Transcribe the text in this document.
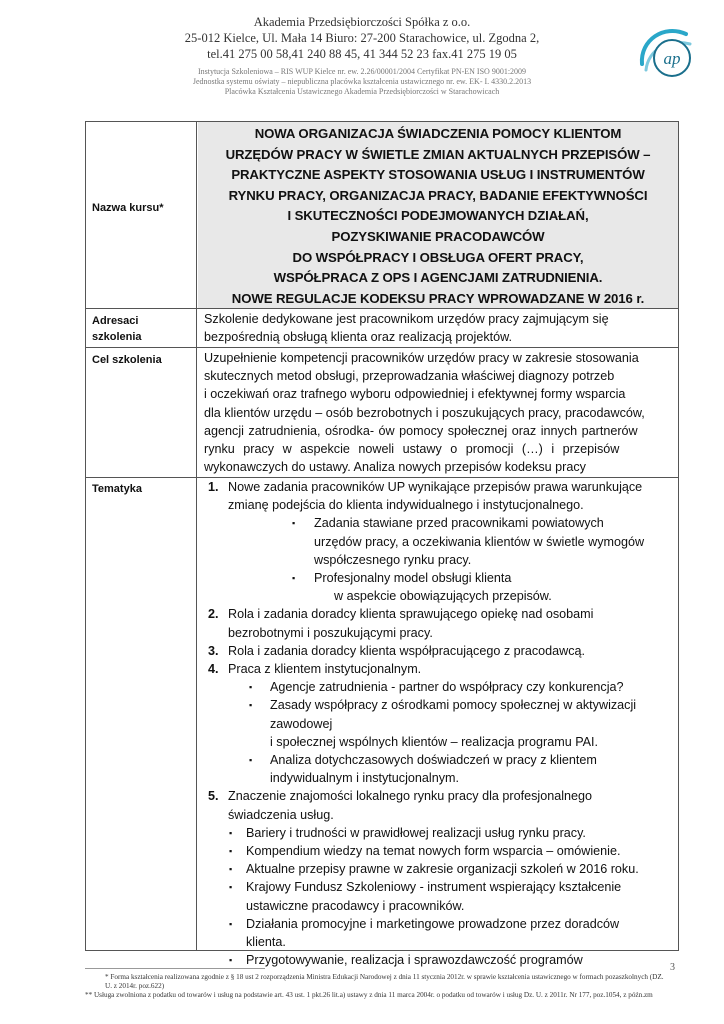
Akademia Przedsiębiorczości Spółka z o.o.
25-012 Kielce, Ul. Mała 14 Biuro: 27-200 Starachowice, ul. Zgodna 2,
tel.41 275 00 58,41 240 88 45, 41 344 52 23 fax.41 275 19 05
Instytucja Szkoleniowa – RIS WUP Kielce nr. ew. 2.26/00001/2004 Certyfikat PN-EN ISO 9001:2009
Jednostka systemu oświaty – niepubliczna placówka kształcenia ustawicznego nr. ew. EK- I. 4330.2.2013
Placówka Kształcenia Ustawicznego Akademia Przedsiębiorczości w Starachowicach
ap
Nazwa kursu*
NOWA ORGANIZACJA ŚWIADCZENIA POMOCY KLIENTOM
URZĘDÓW PRACY W ŚWIETLE ZMIAN AKTUALNYCH PRZEPISÓW –
PRAKTYCZNE ASPEKTY STOSOWANIA USŁUG I INSTRUMENTÓW
RYNKU PRACY, ORGANIZACJA PRACY, BADANIE EFEKTYWNOŚCI
I SKUTECZNOŚCI PODEJMOWANYCH DZIAŁAŃ,
POZYSKIWANIE PRACODAWCÓW
DO WSPÓŁPRACY I OBSŁUGA OFERT PRACY,
WSPÓŁPRACA Z OPS I AGENCJAMI ZATRUDNIENIA.
NOWE REGULACJE KODEKSU PRACY WPROWADZANE W 2016 r.
Adresaci szkolenia
Szkolenie dedykowane jest pracownikom urzędów pracy zajmującym się
bezpośrednią obsługą klienta oraz realizacją projektów.
Cel szkolenia	Uzupełnienie kompetencji pracowników urzędów pracy w zakresie stosowania
skutecznych metod obsługi, przeprowadzania właściwej diagnozy potrzeb
i oczekiwań oraz trafnego wyboru odpowiedniej i efektywnej formy wsparcia
dla klientów urzędu – osób bezrobotnych i poszukujących pracy, pracodawców,
agencji zatrudnienia, ośrodka- ów pomocy społecznej oraz innych partnerów
rynku pracy w aspekcie noweli ustawy o promocji (…) i przepisów
wykonawczych do ustawy. Analiza nowych przepisów kodeksu pracy
Tematyka	1. Nowe zadania pracowników UP wynikające przepisów prawa warunkujące
zmianę podejścia do klienta indywidualnego i instytucjonalnego.
▪ Zadania stawiane przed pracownikami powiatowych
urzędów pracy, a oczekiwania klientów w świetle wymogów
współczesnego rynku pracy.
▪ Profesjonalny model obsługi klienta
w aspekcie obowiązujących przepisów.
2. Rola i zadania doradcy klienta sprawującego opiekę nad osobami
bezrobotnymi i poszukującymi pracy.
3. Rola i zadania doradcy klienta współpracującego z pracodawcą.
4. Praca z klientem instytucjonalnym.
▪ Agencje zatrudnienia - partner do współpracy czy konkurencja?
▪ Zasady współpracy z ośrodkami pomocy społecznej w aktywizacji
zawodowej
i społecznej wspólnych klientów – realizacja programu PAI.
▪ Analiza dotychczasowych doświadczeń w pracy z klientem
indywidualnym i instytucjonalnym.
5. Znaczenie znajomości lokalnego rynku pracy dla profesjonalnego
świadczenia usług.
▪ Bariery i trudności w prawidłowej realizacji usług rynku pracy.
▪ Kompendium wiedzy na temat nowych form wsparcia – omówienie.
▪ Aktualne przepisy prawne w zakresie organizacji szkoleń w 2016 roku.
▪ Krajowy Fundusz Szkoleniowy - instrument wspierający kształcenie
ustawiczne pracodawcy i pracowników.
▪ Działania promocyjne i marketingowe prowadzone przez doradców
klienta.
▪ Przygotowywanie, realizacja i sprawozdawczość programów
3
* Forma kształcenia realizowana zgodnie z § 18 ust 2 rozporządzenia Ministra Edukacji Narodowej z dnia 11 stycznia 2012r. w sprawie kształcenia ustawicznego w formach pozaszkolnych (DZ. U. z 2014r. poz.622)
** Usługa zwolniona z podatku od towarów i usług na podstawie art. 43 ust. 1 pkt.26 lit.a) ustawy z dnia 11 marca 2004r. o podatku od towarów i usług Dz. U. z 2011r. Nr 177, poz.1054, z późn.zm
